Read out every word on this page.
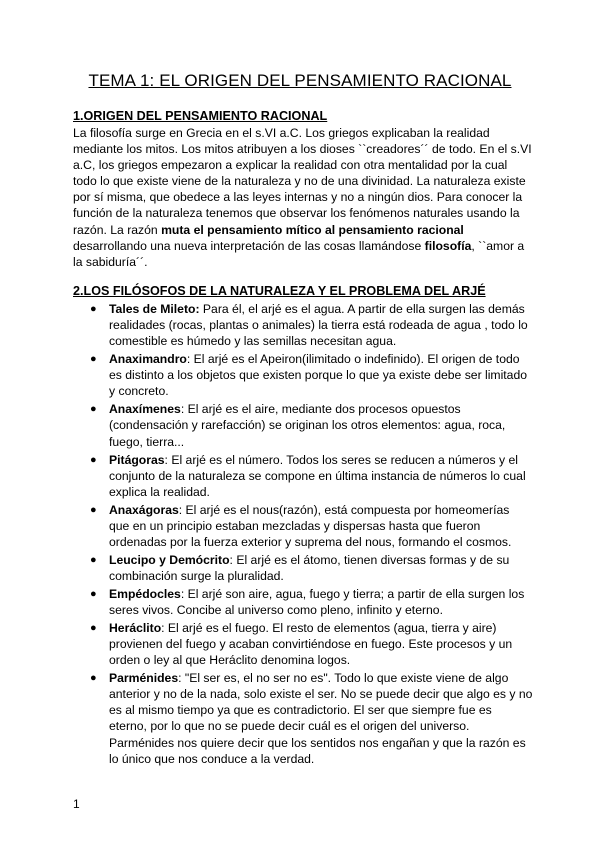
TEMA 1: EL ORIGEN DEL PENSAMIENTO RACIONAL
1.ORIGEN DEL PENSAMIENTO RACIONAL
La filosofía surge en Grecia en el s.VI a.C. Los griegos explicaban la realidad mediante los mitos. Los mitos atribuyen a los dioses ``creadores´´ de todo. En el s.VI a.C, los griegos empezaron a explicar la realidad con otra mentalidad por la cual todo lo que existe viene de la naturaleza y no de una divinidad. La naturaleza existe por sí misma, que obedece a las leyes internas y no a ningún dios. Para conocer la función de la naturaleza tenemos que observar los fenómenos naturales usando la razón. La razón muta el pensamiento mítico al pensamiento racional desarrollando una nueva interpretación de las cosas llamándose filosofía, ``amor a la sabiduría´´.
2.LOS FILÓSOFOS DE LA NATURALEZA Y EL PROBLEMA DEL ARJÉ
● Tales de Mileto: Para él, el arjé es el agua. A partir de ella surgen las demás realidades (rocas, plantas o animales) la tierra está rodeada de agua , todo lo comestible es húmedo y las semillas necesitan agua.
● Anaximandro: El arjé es el Apeiron(ilimitado o indefinido). El origen de todo es distinto a los objetos que existen porque lo que ya existe debe ser limitado y concreto.
● Anaxímenes: El arjé es el aire, mediante dos procesos opuestos (condensación y rarefacción) se originan los otros elementos: agua, roca, fuego, tierra...
● Pitágoras: El arjé es el número. Todos los seres se reducen a números y el conjunto de la naturaleza se compone en última instancia de números lo cual explica la realidad.
● Anaxágoras: El arjé es el nous(razón), está compuesta por homeomerías que en un principio estaban mezcladas y dispersas hasta que fueron ordenadas por la fuerza exterior y suprema del nous, formando el cosmos.
● Leucipo y Demócrito: El arjé es el átomo, tienen diversas formas y de su combinación surge la pluralidad.
● Empédocles: El arjé son aire, agua, fuego y tierra; a partir de ella surgen los seres vivos. Concibe al universo como pleno, infinito y eterno.
● Heráclito: El arjé es el fuego. El resto de elementos (agua, tierra y aire) provienen del fuego y acaban convirtiéndose en fuego. Este procesos y un orden o ley al que Heráclito denomina logos.
● Parménides: "El ser es, el no ser no es". Todo lo que existe viene de algo anterior y no de la nada, solo existe el ser. No se puede decir que algo es y no es al mismo tiempo ya que es contradictorio. El ser que siempre fue es eterno, por lo que no se puede decir cuál es el origen del universo. Parménides nos quiere decir que los sentidos nos engañan y que la razón es lo único que nos conduce a la verdad.
1
